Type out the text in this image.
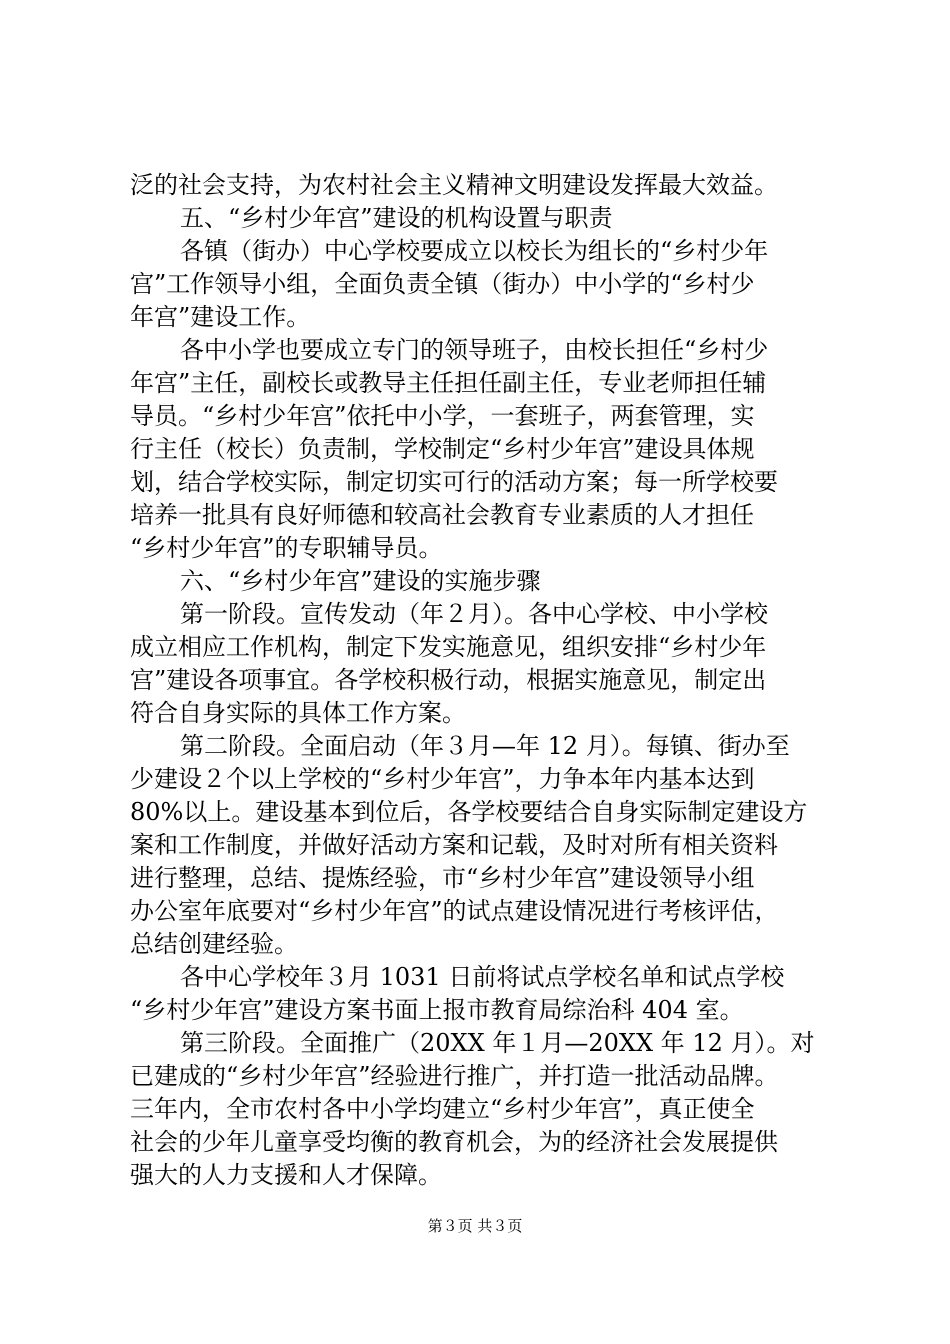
泛的社会支持，为农村社会主义精神文明建设发挥最大效益。
五、“乡村少年宫”建设的机构设置与职责
各镇（街办）中心学校要成立以校长为组长的“乡村少年
宫”工作领导小组，全面负责全镇（街办）中小学的“乡村少
年宫”建设工作。
各中小学也要成立专门的领导班子，由校长担任“乡村少
年宫”主任，副校长或教导主任担任副主任，专业老师担任辅
导员。“乡村少年宫”依托中小学，一套班子，两套管理，实
行主任（校长）负责制，学校制定“乡村少年宫”建设具体规
划，结合学校实际，制定切实可行的活动方案；每一所学校要
培养一批具有良好师德和较高社会教育专业素质的人才担任
“乡村少年宫”的专职辅导员。
六、“乡村少年宫”建设的实施步骤
第一阶段。宣传发动（年２月）。各中心学校、中小学校
成立相应工作机构，制定下发实施意见，组织安排“乡村少年
宫”建设各项事宜。各学校积极行动，根据实施意见，制定出
符合自身实际的具体工作方案。
第二阶段。全面启动（年３月—年 12 月）。每镇、街办至
少建设２个以上学校的“乡村少年宫”，力争本年内基本达到
80%以上。建设基本到位后，各学校要结合自身实际制定建设方
案和工作制度，并做好活动方案和记载，及时对所有相关资料
进行整理，总结、提炼经验，市“乡村少年宫”建设领导小组
办公室年底要对“乡村少年宫”的试点建设情况进行考核评估，
总结创建经验。
各中心学校年３月 1031 日前将试点学校名单和试点学校
“乡村少年宫”建设方案书面上报市教育局综治科 404 室。
第三阶段。全面推广（20XX 年１月—20XX 年 12 月）。对
已建成的“乡村少年宫”经验进行推广，并打造一批活动品牌。
三年内，全市农村各中小学均建立“乡村少年宫”，真正使全
社会的少年儿童享受均衡的教育机会，为的经济社会发展提供
强大的人力支援和人才保障。
第３页 共３页
